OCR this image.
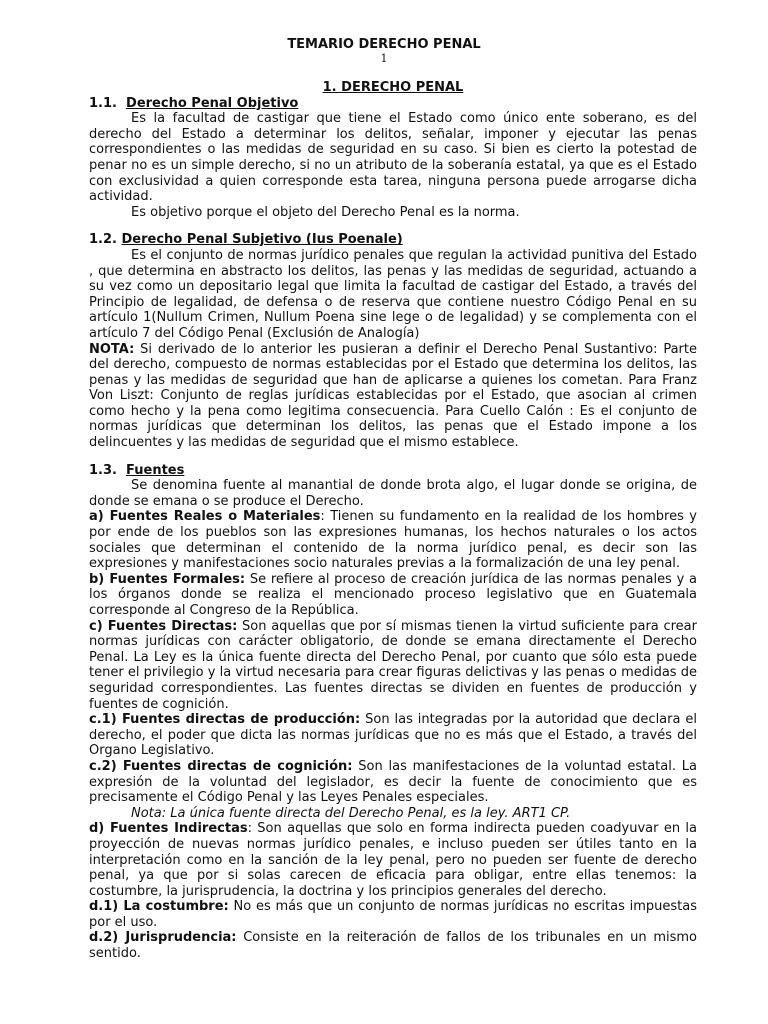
TEMARIO DERECHO PENAL
1

1. DERECHO PENAL

1.1. Derecho Penal Objetivo

Es la facultad de castigar que tiene el Estado como único ente soberano, es del derecho del Estado a determinar los delitos, señalar, imponer y ejecutar las penas correspondientes o las medidas de seguridad en su caso. Si bien es cierto la potestad de penar no es un simple derecho, si no un atributo de la soberanía estatal, ya que es el Estado con exclusividad a quien corresponde esta tarea, ninguna persona puede arrogarse dicha actividad.

Es objetivo porque el objeto del Derecho Penal es la norma.

1.2. Derecho Penal Subjetivo (Ius Poenale)

Es el conjunto de normas jurídico penales que regulan la actividad punitiva del Estado , que determina en abstracto los delitos, las penas y las medidas de seguridad, actuando a su vez como un depositario legal que limita la facultad de castigar del Estado, a través del Principio de legalidad, de defensa o de reserva que contiene nuestro Código Penal en su artículo 1(Nullum Crimen, Nullum Poena sine lege o de legalidad) y se complementa con el artículo 7 del Código Penal (Exclusión de Analogía)

NOTA: Si derivado de lo anterior les pusieran a definir el Derecho Penal Sustantivo: Parte del derecho, compuesto de normas establecidas por el Estado que determina los delitos, las penas y las medidas de seguridad que han de aplicarse a quienes los cometan. Para Franz Von Liszt: Conjunto de reglas jurídicas establecidas por el Estado, que asocian al crimen como hecho y la pena como legitima consecuencia. Para Cuello Calón : Es el conjunto de normas jurídicas que determinan los delitos, las penas que el Estado impone a los delincuentes y las medidas de seguridad que el mismo establece.

1.3. Fuentes

Se denomina fuente al manantial de donde brota algo, el lugar donde se origina, de donde se emana o se produce el Derecho.

a) Fuentes Reales o Materiales: Tienen su fundamento en la realidad de los hombres y por ende de los pueblos son las expresiones humanas, los hechos naturales o los actos sociales que determinan el contenido de la norma jurídico penal, es decir son las expresiones y manifestaciones socio naturales previas a la formalización de una ley penal.

b) Fuentes Formales: Se refiere al proceso de creación jurídica de las normas penales y a los órganos donde se realiza el mencionado proceso legislativo que en Guatemala corresponde al Congreso de la República.

c) Fuentes Directas: Son aquellas que por sí mismas tienen la virtud suficiente para crear normas jurídicas con carácter obligatorio, de donde se emana directamente el Derecho Penal. La Ley es la única fuente directa del Derecho Penal, por cuanto que sólo esta puede tener el privilegio y la virtud necesaria para crear figuras delictivas y las penas o medidas de seguridad correspondientes. Las fuentes directas se dividen en fuentes de producción y fuentes de cognición.

c.1) Fuentes directas de producción: Son las integradas por la autoridad que declara el derecho, el poder que dicta las normas jurídicas que no es más que el Estado, a través del Organo Legislativo.

c.2) Fuentes directas de cognición: Son las manifestaciones de la voluntad estatal. La expresión de la voluntad del legislador, es decir la fuente de conocimiento que es precisamente el Código Penal y las Leyes Penales especiales.

Nota: La única fuente directa del Derecho Penal, es la ley. ART1 CP.

d) Fuentes Indirectas: Son aquellas que solo en forma indirecta pueden coadyuvar en la proyección de nuevas normas jurídico penales, e incluso pueden ser útiles tanto en la interpretación como en la sanción de la ley penal, pero no pueden ser fuente de derecho penal, ya que por si solas carecen de eficacia para obligar, entre ellas tenemos: la costumbre, la jurisprudencia, la doctrina y los principios generales del derecho.

d.1) La costumbre: No es más que un conjunto de normas jurídicas no escritas impuestas por el uso.

d.2) Jurisprudencia: Consiste en la reiteración de fallos de los tribunales en un mismo sentido.
